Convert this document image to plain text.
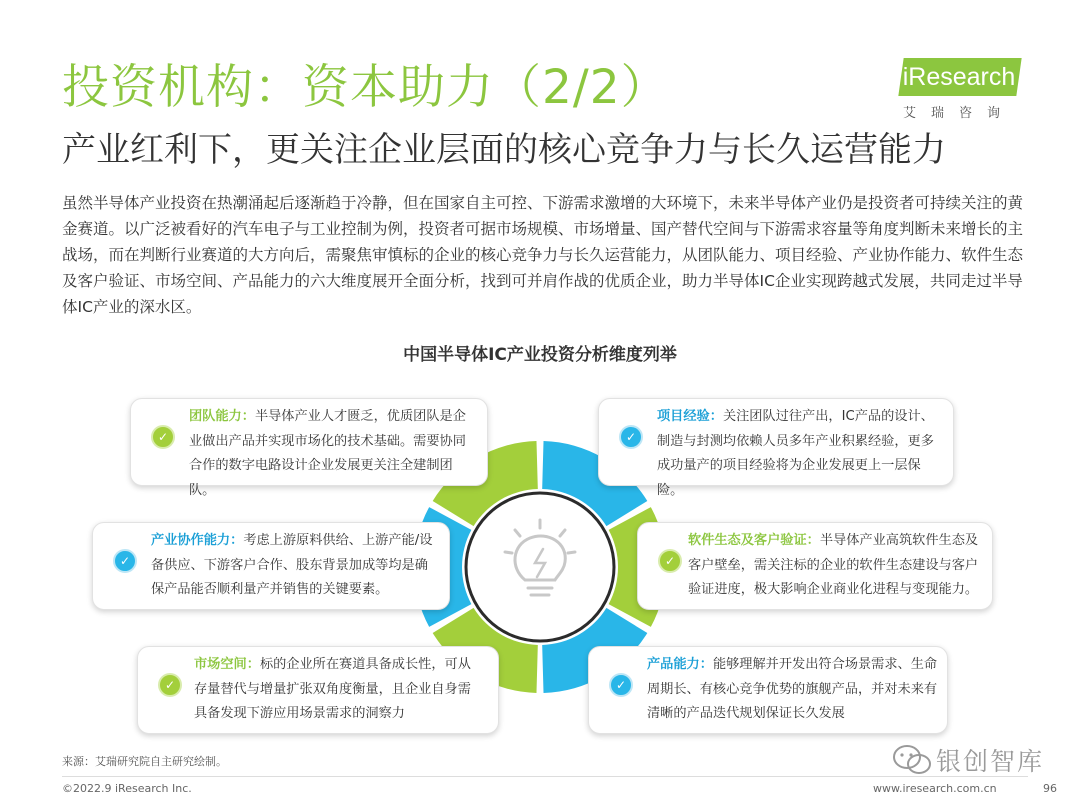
投资机构：资本助力（2/2）
产业红利下，更关注企业层面的核心竞争力与长久运营能力
iResearch
艾瑞咨询

虽然半导体产业投资在热潮涌起后逐渐趋于冷静，但在国家自主可控、下游需求激增的大环境下，未来半导体产业仍是投资者可持续关注的黄金赛道。以广泛被看好的汽车电子与工业控制为例，投资者可据市场规模、市场增量、国产替代空间与下游需求容量等角度判断未来增长的主战场，而在判断行业赛道的大方向后，需聚焦审慎标的企业的核心竞争力与长久运营能力，从团队能力、项目经验、产业协作能力、软件生态及客户验证、市场空间、产品能力的六大维度展开全面分析，找到可并肩作战的优质企业，助力半导体IC企业实现跨越式发展，共同走过半导体IC产业的深水区。

中国半导体IC产业投资分析维度列举
✓
团队能力：半导体产业人才匮乏，优质团队是企业做出产品并实现市场化的技术基础。需要协同合作的数字电路设计企业发展更关注全建制团队。
✓
项目经验：关注团队过往产出，IC产品的设计、制造与封测均依赖人员多年产业积累经验，更多成功量产的项目经验将为企业发展更上一层保险。
✓
产业协作能力：考虑上游原料供给、上游产能/设备供应、下游客户合作、股东背景加成等均是确保产品能否顺利量产并销售的关键要素。
✓
软件生态及客户验证：半导体产业高筑软件生态及客户壁垒，需关注标的企业的软件生态建设与客户验证进度，极大影响企业商业化进程与变现能力。
✓
市场空间：标的企业所在赛道具备成长性，可从存量替代与增量扩张双角度衡量，且企业自身需具备发现下游应用场景需求的洞察力
✓
产品能力：能够理解并开发出符合场景需求、生命周期长、有核心竞争优势的旗舰产品，并对未来有清晰的产品迭代规划保证长久发展
来源：艾瑞研究院自主研究绘制。
©2022.9 iResearch Inc.	www.iresearch.com.cn	96
银创智库
